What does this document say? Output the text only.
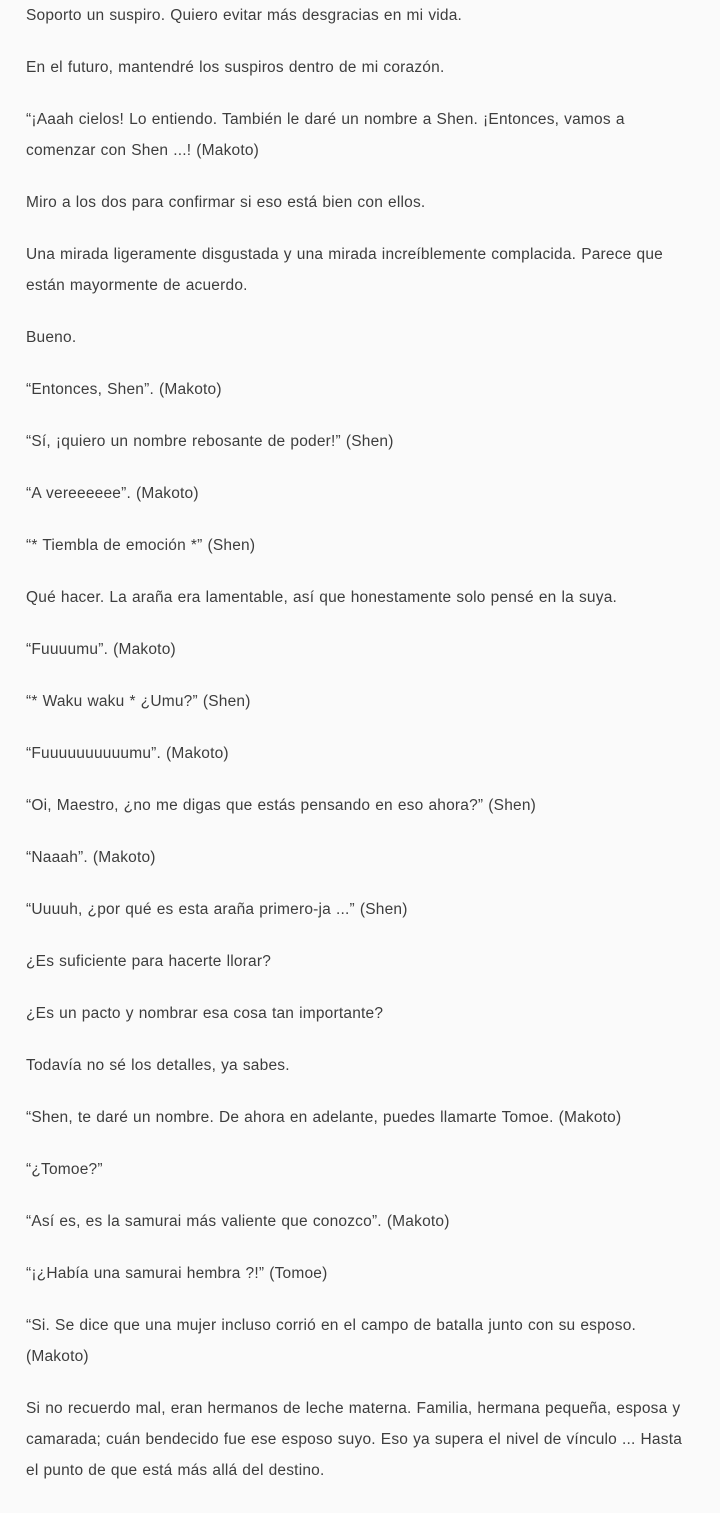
Soporto un suspiro. Quiero evitar más desgracias en mi vida.

En el futuro, mantendré los suspiros dentro de mi corazón.

“¡Aaah cielos! Lo entiendo. También le daré un nombre a Shen. ¡Entonces, vamos a comenzar con Shen ...! (Makoto)

Miro a los dos para confirmar si eso está bien con ellos.

Una mirada ligeramente disgustada y una mirada increíblemente complacida. Parece que están mayormente de acuerdo.

Bueno.

“Entonces, Shen”. (Makoto)

“Sí, ¡quiero un nombre rebosante de poder!” (Shen)

“A vereeeeee”. (Makoto)

“* Tiembla de emoción *” (Shen)

Qué hacer. La araña era lamentable, así que honestamente solo pensé en la suya.

“Fuuuumu”. (Makoto)

“* Waku waku * ¿Umu?” (Shen)

“Fuuuuuuuuuumu”. (Makoto)

“Oi, Maestro, ¿no me digas que estás pensando en eso ahora?” (Shen)

“Naaah”. (Makoto)

“Uuuuh, ¿por qué es esta araña primero-ja ...” (Shen)

¿Es suficiente para hacerte llorar?

¿Es un pacto y nombrar esa cosa tan importante?

Todavía no sé los detalles, ya sabes.

“Shen, te daré un nombre. De ahora en adelante, puedes llamarte Tomoe. (Makoto)

“¿Tomoe?”

“Así es, es la samurai más valiente que conozco”. (Makoto)

“¡¿Había una samurai hembra ?!” (Tomoe)

“Si. Se dice que una mujer incluso corrió en el campo de batalla junto con su esposo. (Makoto)

Si no recuerdo mal, eran hermanos de leche materna. Familia, hermana pequeña, esposa y camarada; cuán bendecido fue ese esposo suyo. Eso ya supera el nivel de vínculo ... Hasta el punto de que está más allá del destino.
